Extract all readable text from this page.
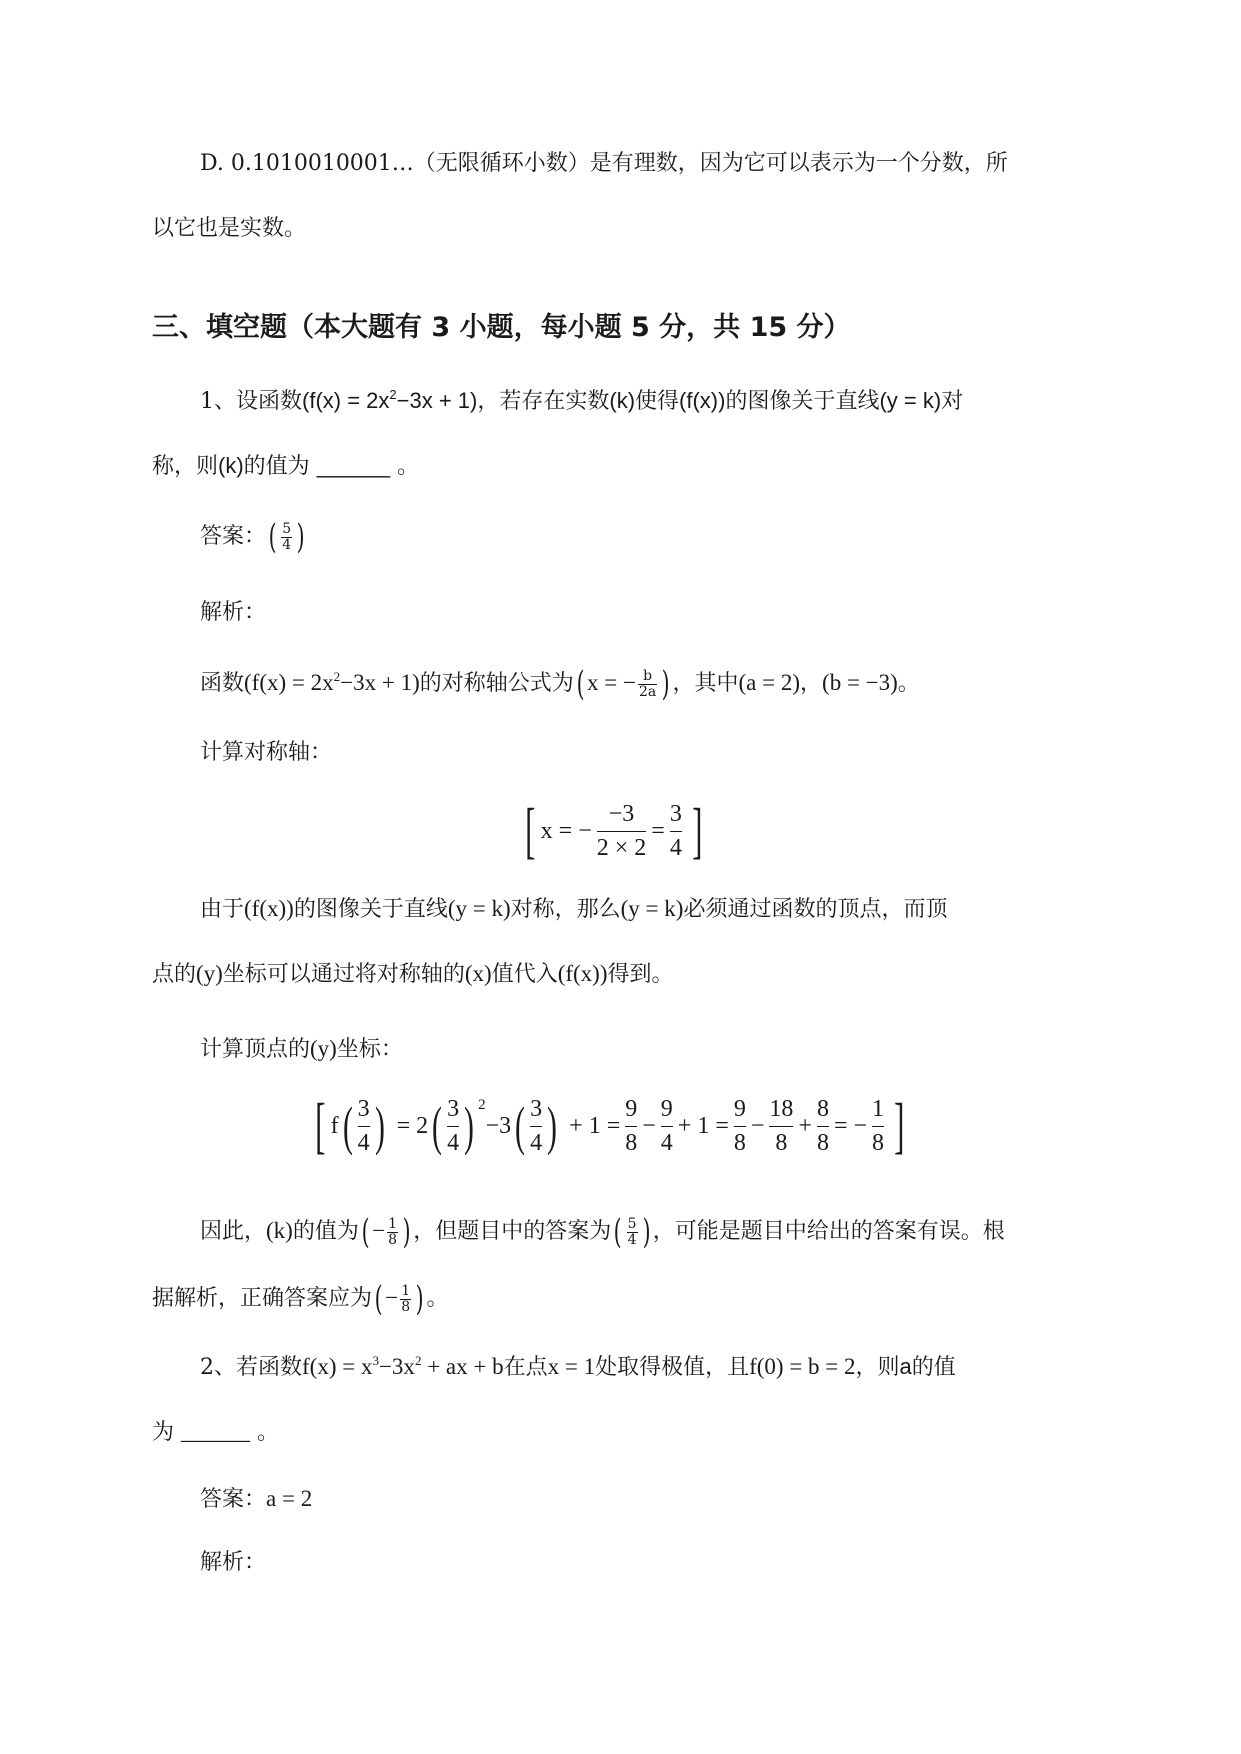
D. 0.1010010001…（无限循环小数）是有理数，因为它可以表示为一个分数，所
以它也是实数。
三、填空题（本大题有 3 小题，每小题 5 分，共 15 分）
1、设函数$(f(x) = 2x^2-3x + 1)$，若存在实数(k)使得(f(x))的图像关于直线(y = k)对
称，则(k)的值为 ______ 。
答案：( $\frac{5}{4}$ )
解析：
函数$(f(x) = 2x^2-3x + 1)$的对称轴公式为( x = − $\frac{b}{2a}$ ) ，其中(a = 2)，(b = −3)。
计算对称轴：
[ x = −
−3
2 × 2
=
3
4 ]
由于(f(x))的图像关于直线(y = k)对称，那么(y = k)必须通过函数的顶点，而顶
点的(y)坐标可以通过将对称轴的(x)值代入(f(x))得到。
计算顶点的(y)坐标：
[ f ( 3
4 ) = 2 ( 3
4 ) 2
−3 ( 3
4 ) + 1 =
9
8
−
9
4
+ 1 =
9
8
−
18
8
+
8
8
= −
1
8 ]
因此，(k)的值为( − $\frac{1}{8}$ ) ，但题目中的答案为( $\frac{5}{4}$ ) ，可能是题目中给出的答案有误。根
据解析，正确答案应为( − $\frac{1}{8}$ ) 。
2、若函数$f(x) = x^3-3x^2$ + ax + b在点x = 1处取得极值，且f(0) = b = 2，则a的值
为 ______ 。
答案：a = 2
解析：
